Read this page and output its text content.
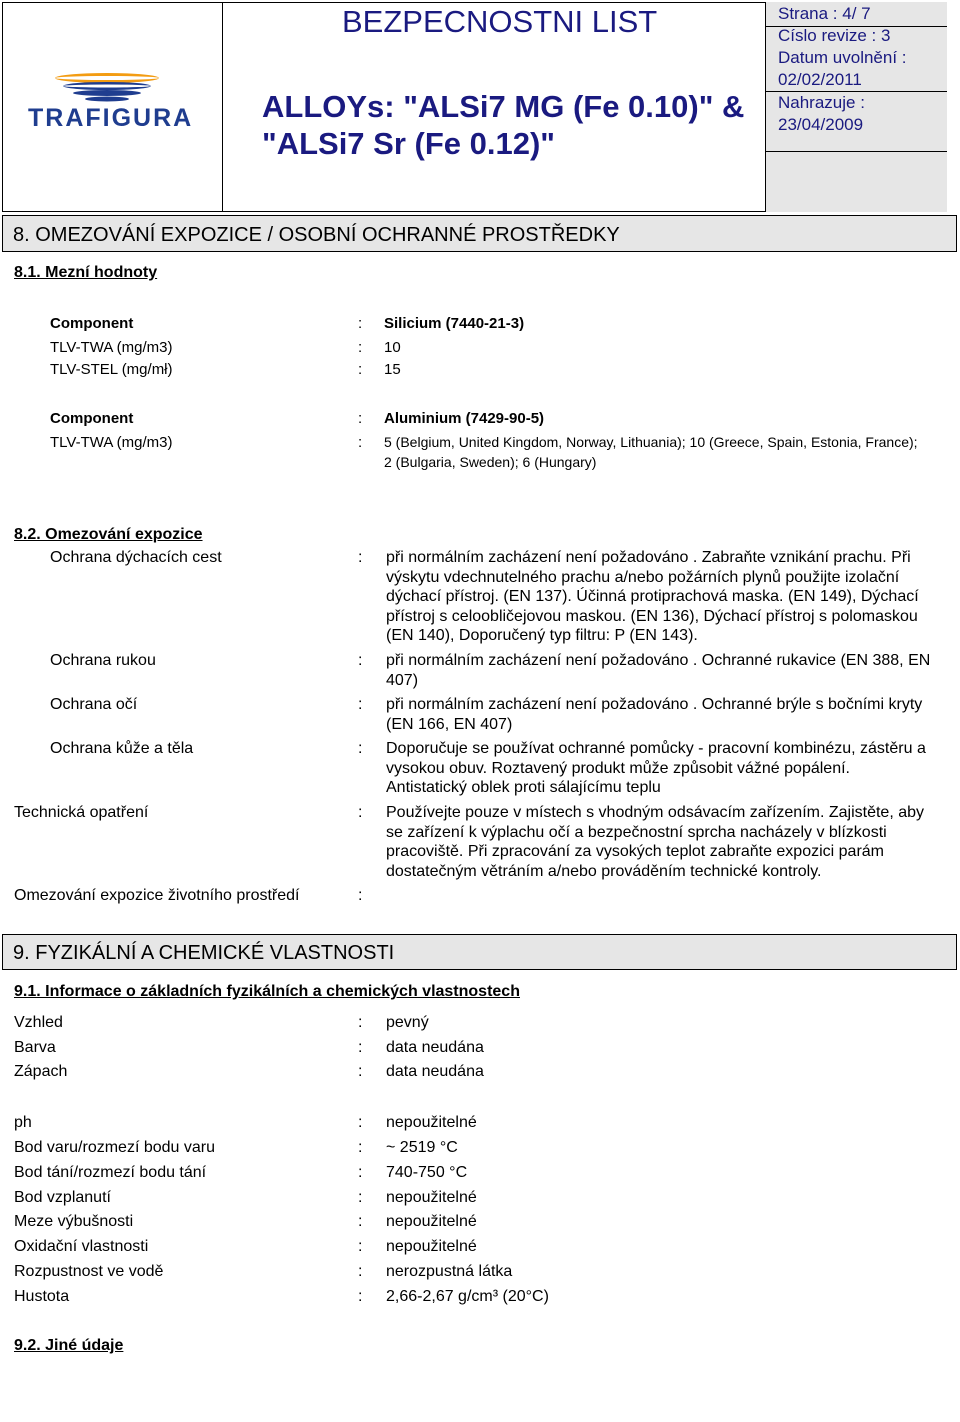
TRAFIGURA
BEZPECNOSTNI LIST
ALLOYs: "ALSi7 MG (Fe 0.10)" &
"ALSi7 Sr (Fe 0.12)"
Strana : 4/ 7
Císlo revize : 3
Datum uvolnění :
02/02/2011
Nahrazuje :
23/04/2009
8. OMEZOVÁNÍ EXPOZICE / OSOBNÍ OCHRANNÉ PROSTŘEDKY
8.1. Mezní hodnoty
Component	: Silicium (7440-21-3)
TLV-TWA (mg/m3)	: 10
TLV-STEL (mg/mł)	: 15
Component	: Aluminium (7429-90-5)
TLV-TWA (mg/m3)	: 5 (Belgium, United Kingdom, Norway, Lithuania); 10 (Greece, Spain, Estonia, France);
2 (Bulgaria, Sweden); 6 (Hungary)
8.2. Omezování expozice
Ochrana dýchacích cest	: při normálním zacházení není požadováno . Zabraňte vznikání prachu. Při
výskytu vdechnutelného prachu a/nebo požárních plynů použijte izolační
dýchací přístroj. (EN 137). Účinná protiprachová maska. (EN 149), Dýchací
přístroj s celoobličejovou maskou. (EN 136), Dýchací přístroj s polomaskou
(EN 140), Doporučený typ filtru: P (EN 143).
Ochrana rukou	: při normálním zacházení není požadováno . Ochranné rukavice (EN 388, EN
407)
Ochrana očí	: při normálním zacházení není požadováno . Ochranné brýle s bočními kryty
(EN 166, EN 407)
Ochrana kůže a těla	: Doporučuje se používat ochranné pomůcky - pracovní kombinézu, zástěru a
vysokou obuv. Roztavený produkt může způsobit vážné popálení.
Antistatický oblek proti sálajícímu teplu
Technická opatření	: Používejte pouze v místech s vhodným odsávacím zařízením. Zajistěte, aby
se zařízení k výplachu očí a bezpečnostní sprcha nacházely v blízkosti
pracoviště. Při zpracování za vysokých teplot zabraňte expozici parám
dostatečným větráním a/nebo prováděním technické kontroly.
Omezování expozice životního prostředí	:
9. FYZIKÁLNÍ A CHEMICKÉ VLASTNOSTI
9.1. Informace o základních fyzikálních a chemických vlastnostech
Vzhled	: pevný
Barva	: data neudána
Zápach	: data neudána
ph	: nepoužitelné
Bod varu/rozmezí bodu varu	: ~ 2519 °C
Bod tání/rozmezí bodu tání	: 740-750 °C
Bod vzplanutí	: nepoužitelné
Meze výbušnosti	: nepoužitelné
Oxidační vlastnosti	: nepoužitelné
Rozpustnost ve vodě	: nerozpustná látka
Hustota	: 2,66-2,67 g/cm³ (20°C)
9.2. Jiné údaje
